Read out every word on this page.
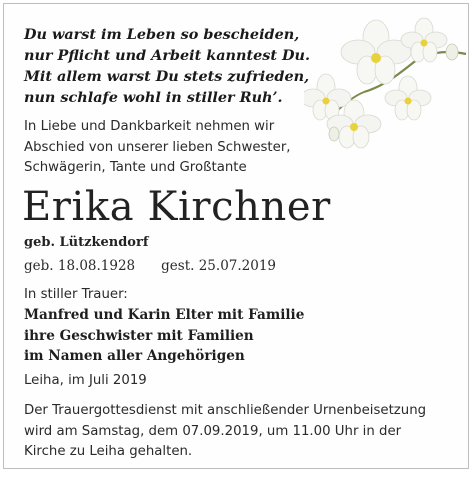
Du warst im Leben so bescheiden,
nur Pflicht und Arbeit kanntest Du.
Mit allem warst Du stets zufrieden,
nun schlafe wohl in stiller Ruh’.
In Liebe und Dankbarkeit nehmen wir
Abschied von unserer lieben Schwester,
Schwägerin, Tante und Großtante
Erika Kirchner
geb. Lützkendorf
geb. 18.08.1928 gest. 25.07.2019
In stiller Trauer:
Manfred und Karin Elter mit Familie
ihre Geschwister mit Familien
im Namen aller Angehörigen
Leiha, im Juli 2019
Der Trauergottesdienst mit anschließender Urnenbeisetzung
wird am Samstag, dem 07.09.2019, um 11.00 Uhr in der
Kirche zu Leiha gehalten.
